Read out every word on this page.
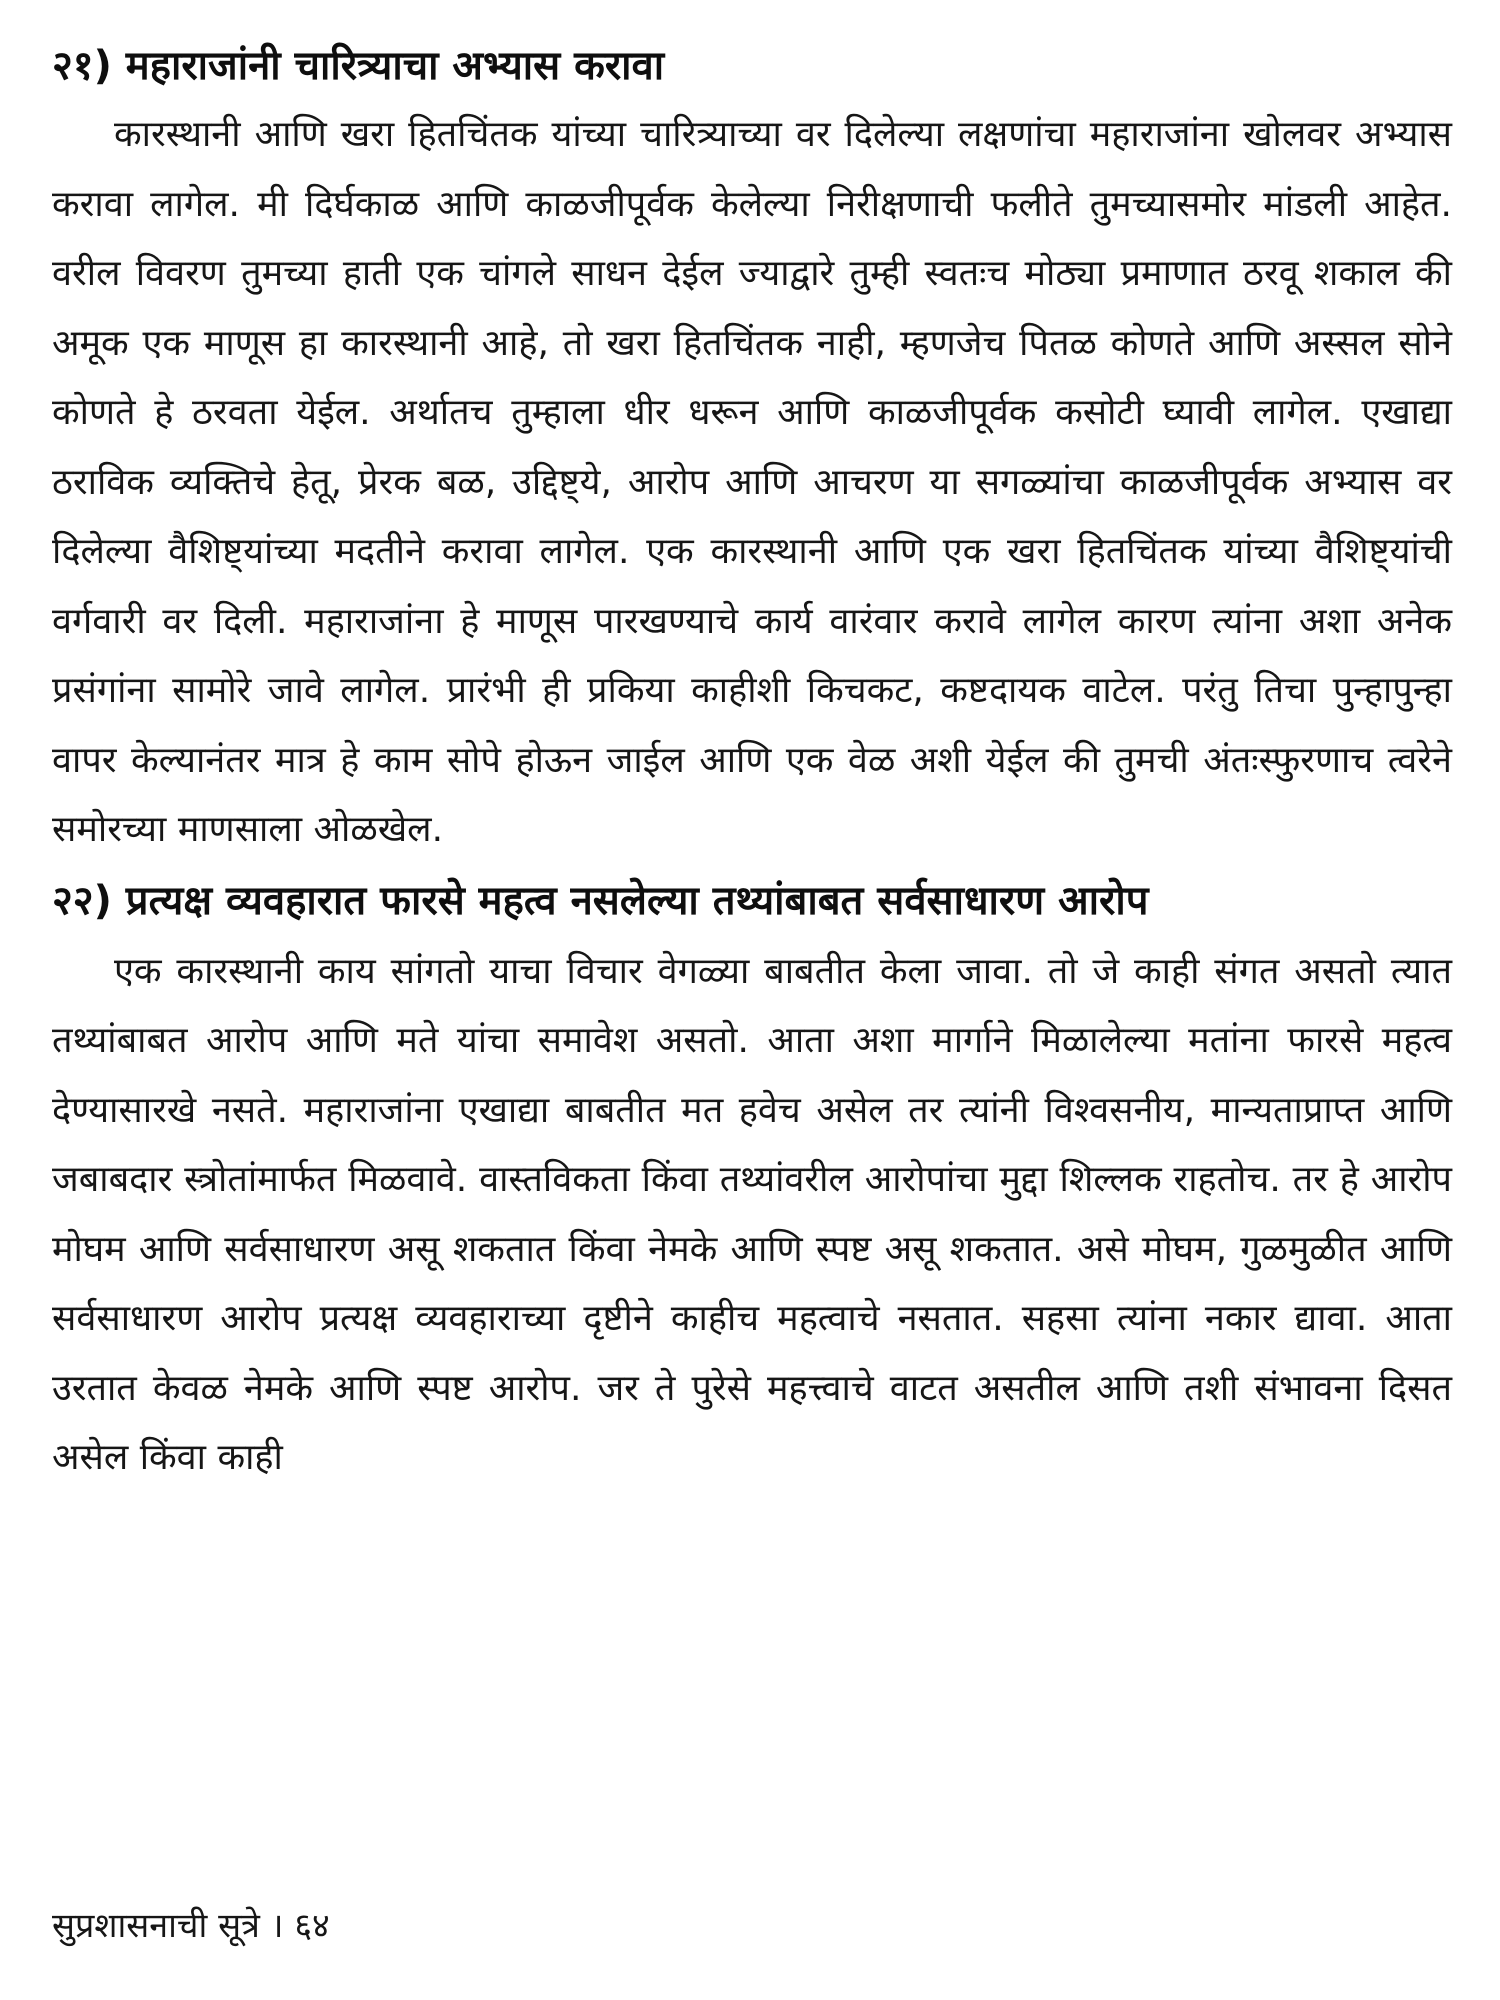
२१) महाराजांनी चारित्र्याचा अभ्यास करावा

कारस्थानी आणि खरा हितचिंतक यांच्या चारित्र्याच्या वर दिलेल्या लक्षणांचा महाराजांना खोलवर अभ्यास करावा लागेल. मी दिर्घकाळ आणि काळजीपूर्वक केलेल्या निरीक्षणाची फलीते तुमच्यासमोर मांडली आहेत. वरील विवरण तुमच्या हाती एक चांगले साधन देईल ज्याद्वारे तुम्ही स्वतःच मोठ्या प्रमाणात ठरवू शकाल की अमूक एक माणूस हा कारस्थानी आहे, तो खरा हितचिंतक नाही, म्हणजेच पितळ कोणते आणि अस्सल सोने कोणते हे ठरवता येईल. अर्थातच तुम्हाला धीर धरून आणि काळजीपूर्वक कसोटी घ्यावी लागेल. एखाद्या ठराविक व्यक्तिचे हेतू, प्रेरक बळ, उद्दिष्ट्ये, आरोप आणि आचरण या सगळ्यांचा काळजीपूर्वक अभ्यास वर दिलेल्या वैशिष्ट्यांच्या मदतीने करावा लागेल. एक कारस्थानी आणि एक खरा हितचिंतक यांच्या वैशिष्ट्यांची वर्गवारी वर दिली. महाराजांना हे माणूस पारखण्याचे कार्य वारंवार करावे लागेल कारण त्यांना अशा अनेक प्रसंगांना सामोरे जावे लागेल. प्रारंभी ही प्रकिया काहीशी किचकट, कष्टदायक वाटेल. परंतु तिचा पुन्हापुन्हा वापर केल्यानंतर मात्र हे काम सोपे होऊन जाईल आणि एक वेळ अशी येईल की तुमची अंतःस्फुरणाच त्वरेने समोरच्या माणसाला ओळखेल.

२२) प्रत्यक्ष व्यवहारात फारसे महत्व नसलेल्या तथ्यांबाबत सर्वसाधारण आरोप

एक कारस्थानी काय सांगतो याचा विचार वेगळ्या बाबतीत केला जावा. तो जे काही संगत असतो त्यात तथ्यांबाबत आरोप आणि मते यांचा समावेश असतो. आता अशा मार्गाने मिळालेल्या मतांना फारसे महत्व देण्यासारखे नसते. महाराजांना एखाद्या बाबतीत मत हवेच असेल तर त्यांनी विश्वसनीय, मान्यताप्राप्त आणि जबाबदार स्त्रोतांमार्फत मिळवावे. वास्तविकता किंवा तथ्यांवरील आरोपांचा मुद्दा शिल्लक राहतोच. तर हे आरोप मोघम आणि सर्वसाधारण असू शकतात किंवा नेमके आणि स्पष्ट असू शकतात. असे मोघम, गुळमुळीत आणि सर्वसाधारण आरोप प्रत्यक्ष व्यवहाराच्या दृष्टीने काहीच महत्वाचे नसतात. सहसा त्यांना नकार द्यावा. आता उरतात केवळ नेमके आणि स्पष्ट आरोप. जर ते पुरेसे महत्त्वाचे वाटत असतील आणि तशी संभावना दिसत असेल किंवा काही

सुप्रशासनाची सूत्रे । ६४
